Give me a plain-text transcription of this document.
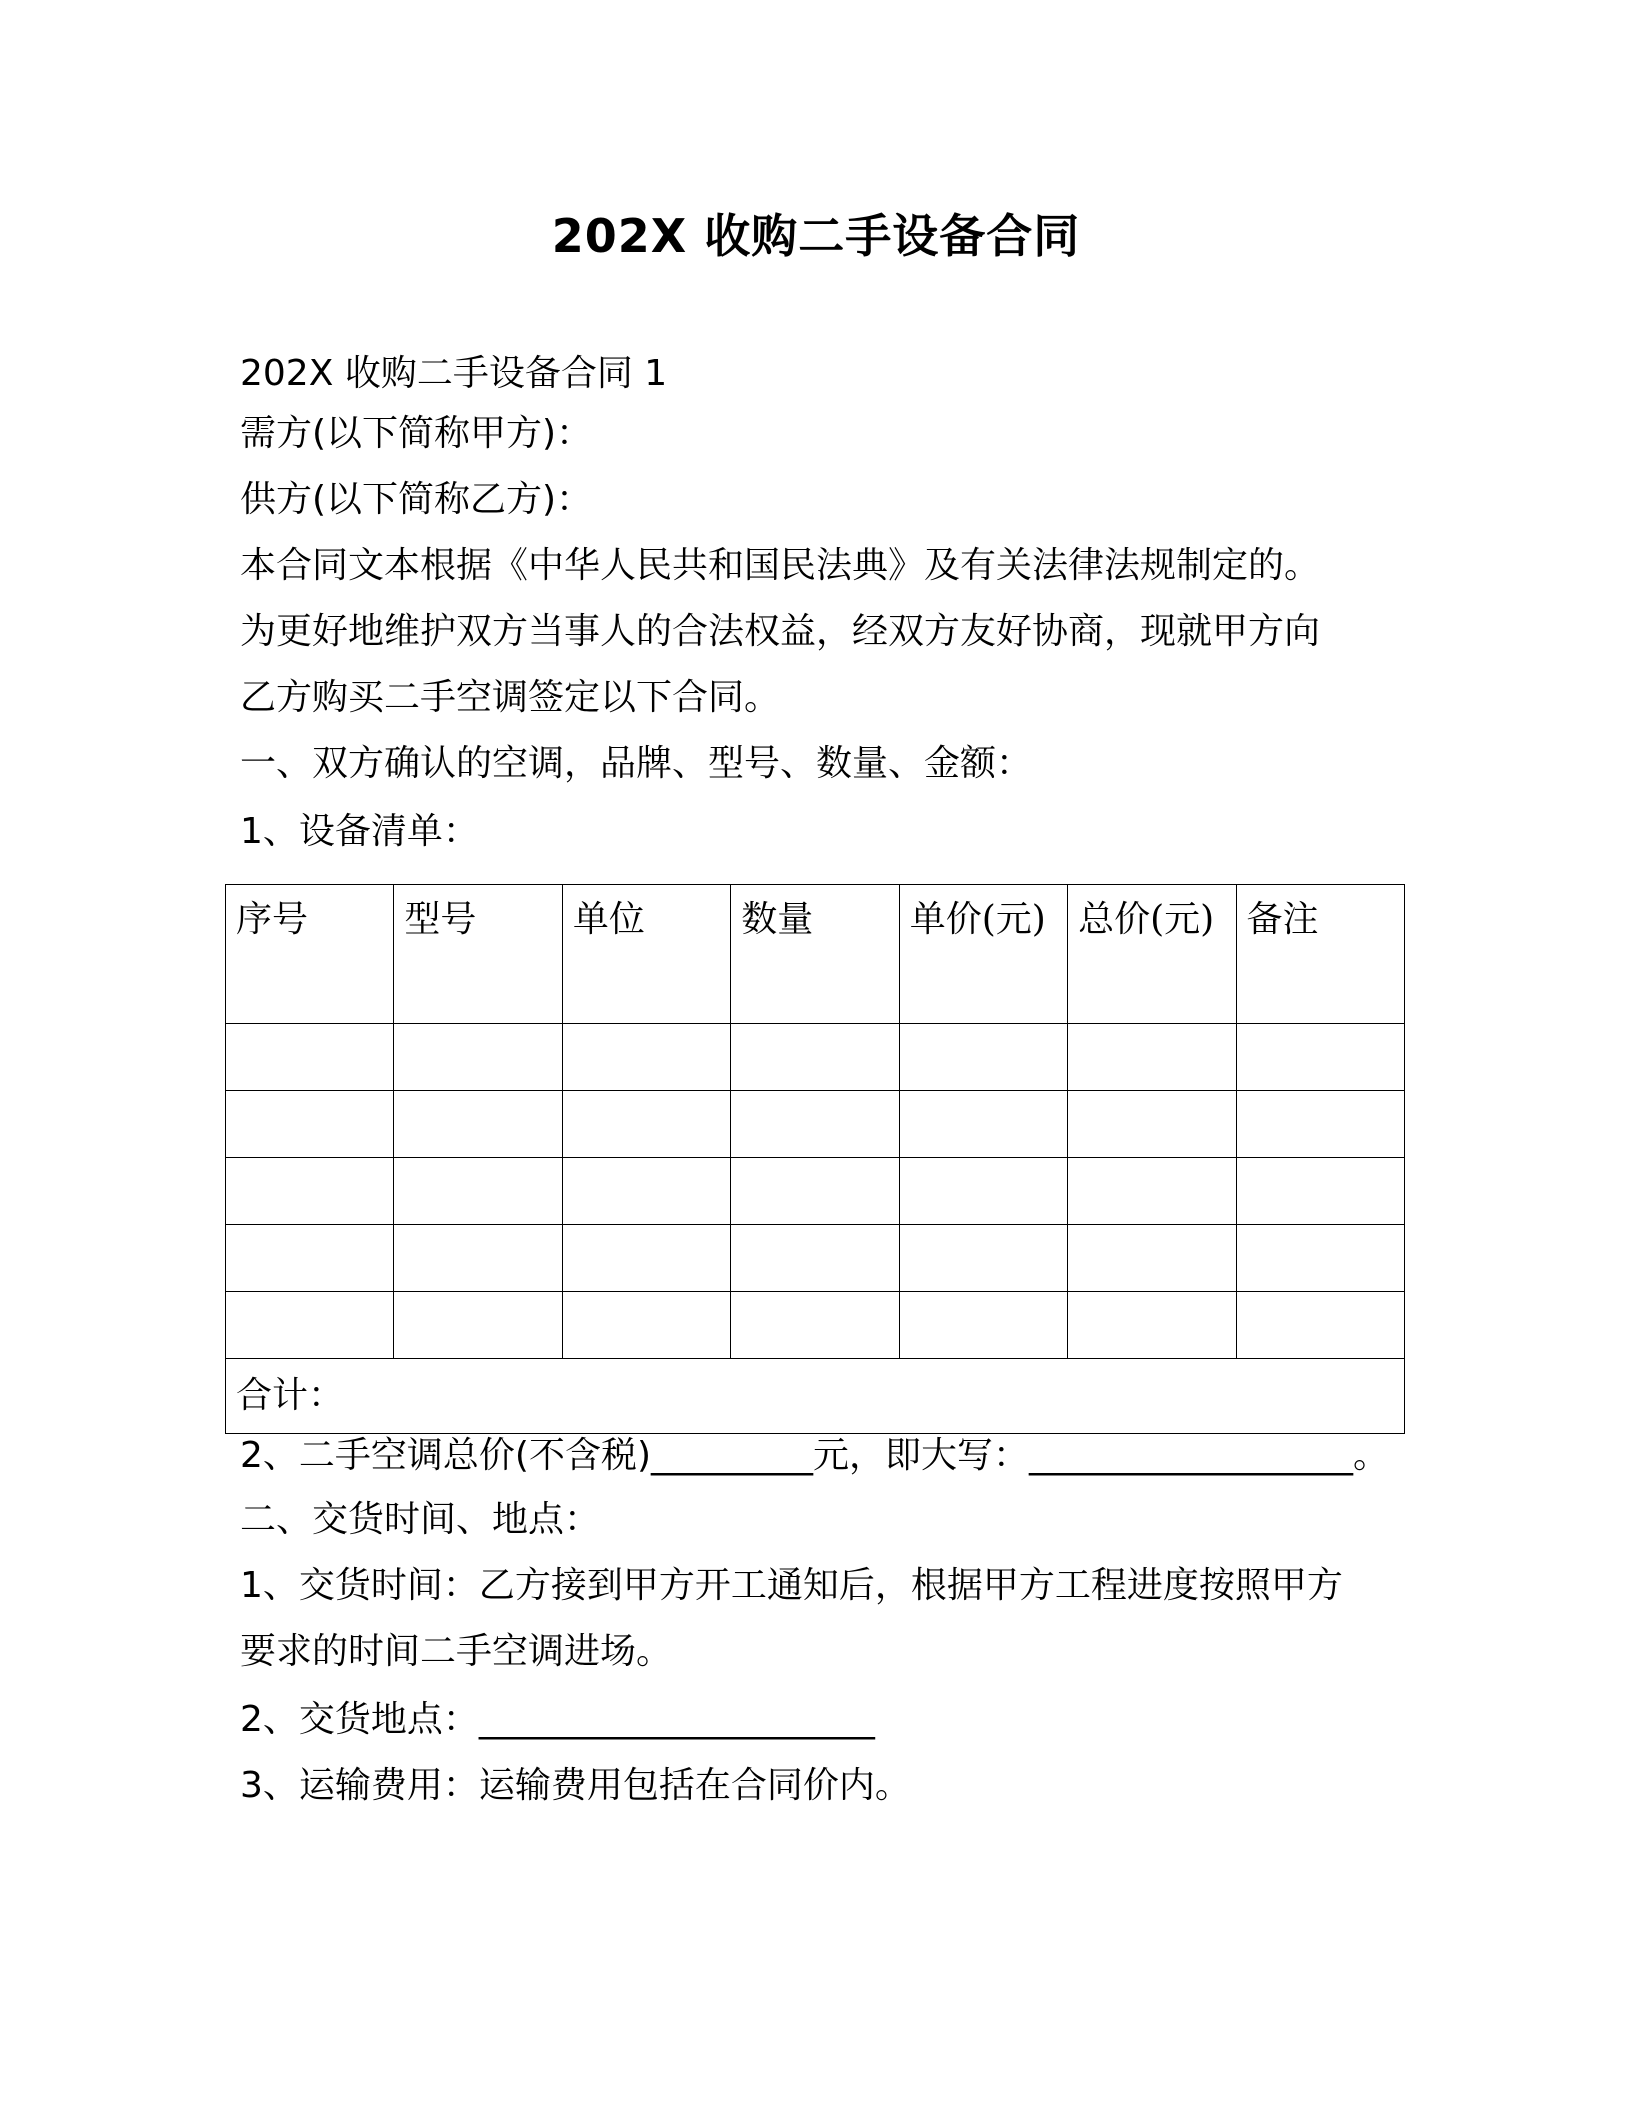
202X 收购二手设备合同
202X 收购二手设备合同 1
需方(以下简称甲方)：
供方(以下简称乙方)：
本合同文本根据《中华人民共和国民法典》及有关法律法规制定的。
为更好地维护双方当事人的合法权益，经双方友好协商，现就甲方向
乙方购买二手空调签定以下合同。
一、双方确认的空调，品牌、型号、数量、金额：
1、设备清单：
序号	型号	单位	数量	单价(元)	总价(元)	备注

合计：						
2、二手空调总价(不含税)_________元，即大写：__________________。
二、交货时间、地点：
1、交货时间：乙方接到甲方开工通知后，根据甲方工程进度按照甲方
要求的时间二手空调进场。
2、交货地点：______________________
3、运输费用：运输费用包括在合同价内。
